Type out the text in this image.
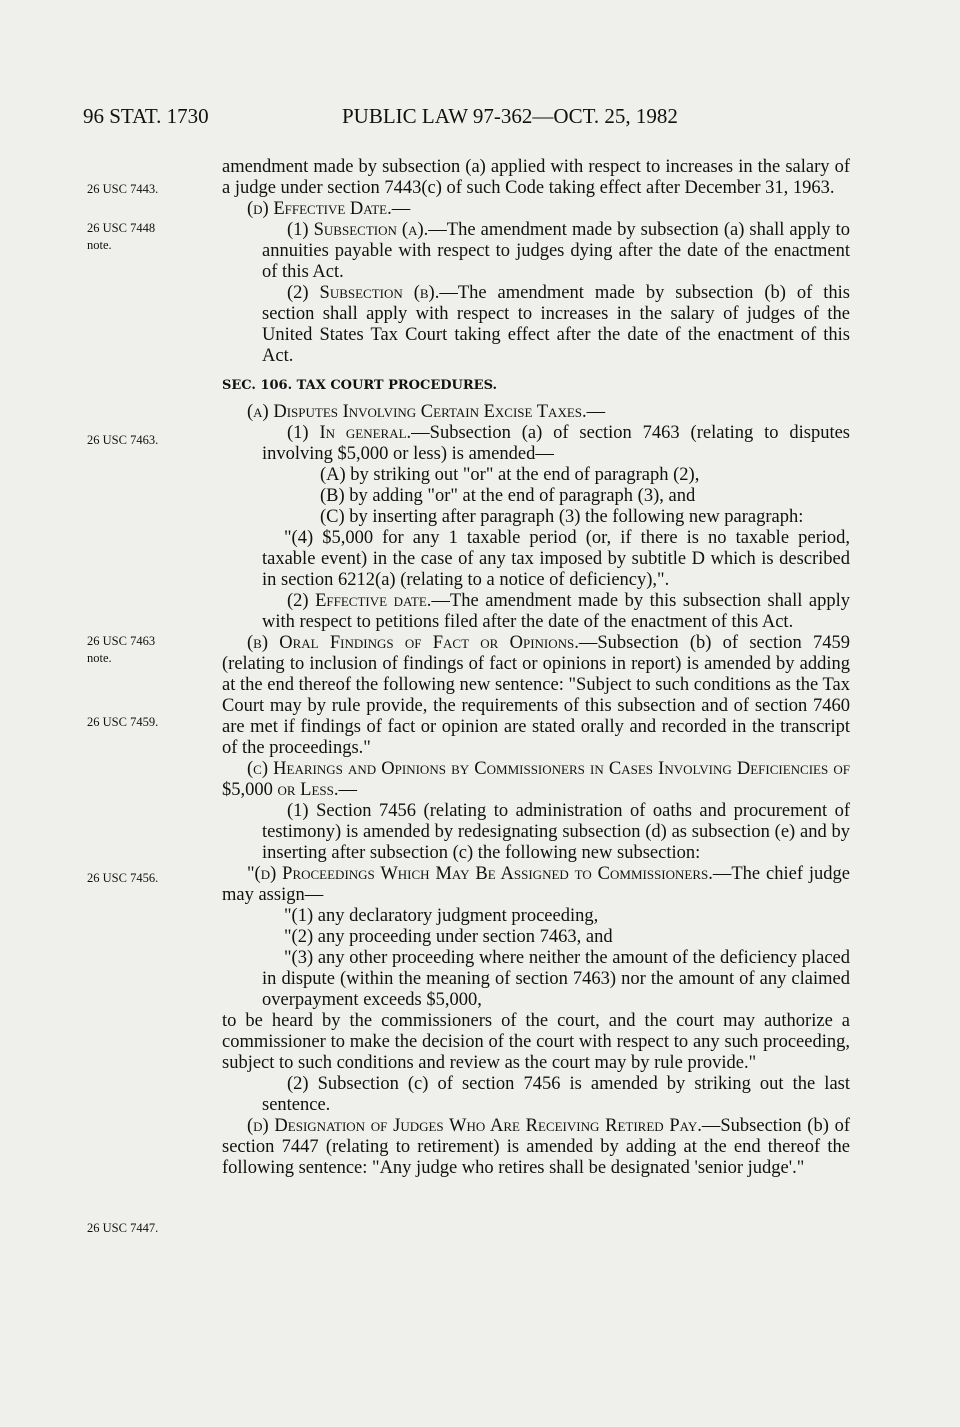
96 STAT. 1730	PUBLIC LAW 97-362—OCT. 25, 1982
26 USC 7443.
26 USC 7448
note.
26 USC 7463.
26 USC 7463
note.
26 USC 7459.
26 USC 7456.
26 USC 7447.

amendment made by subsection (a) applied with respect to increases in the salary of a judge under section 7443(c) of such Code taking effect after December 31, 1963.

(d) Effective Date.—

(1) Subsection (a).—The amendment made by subsection (a) shall apply to annuities payable with respect to judges dying after the date of the enactment of this Act.

(2) Subsection (b).—The amendment made by subsection (b) of this section shall apply with respect to increases in the salary of judges of the United States Tax Court taking effect after the date of the enactment of this Act.

SEC. 106. TAX COURT PROCEDURES.

(a) Disputes Involving Certain Excise Taxes.—

(1) In general.—Subsection (a) of section 7463 (relating to disputes involving $5,000 or less) is amended—

(A) by striking out "or" at the end of paragraph (2),

(B) by adding "or" at the end of paragraph (3), and

(C) by inserting after paragraph (3) the following new paragraph:

"(4) $5,000 for any 1 taxable period (or, if there is no taxable period, taxable event) in the case of any tax imposed by subtitle D which is described in section 6212(a) (relating to a notice of deficiency),".

(2) Effective date.—The amendment made by this subsection shall apply with respect to petitions filed after the date of the enactment of this Act.

(b) Oral Findings of Fact or Opinions.—Subsection (b) of section 7459 (relating to inclusion of findings of fact or opinions in report) is amended by adding at the end thereof the following new sentence: "Subject to such conditions as the Tax Court may by rule provide, the requirements of this subsection and of section 7460 are met if findings of fact or opinion are stated orally and recorded in the transcript of the proceedings."

(c) Hearings and Opinions by Commissioners in Cases Involving Deficiencies of $5,000 or Less.—

(1) Section 7456 (relating to administration of oaths and procurement of testimony) is amended by redesignating subsection (d) as subsection (e) and by inserting after subsection (c) the following new subsection:

"(d) Proceedings Which May Be Assigned to Commissioners.—The chief judge may assign—

"(1) any declaratory judgment proceeding,

"(2) any proceeding under section 7463, and

"(3) any other proceeding where neither the amount of the deficiency placed in dispute (within the meaning of section 7463) nor the amount of any claimed overpayment exceeds $5,000,

to be heard by the commissioners of the court, and the court may authorize a commissioner to make the decision of the court with respect to any such proceeding, subject to such conditions and review as the court may by rule provide."

(2) Subsection (c) of section 7456 is amended by striking out the last sentence.

(d) Designation of Judges Who Are Receiving Retired Pay.—Subsection (b) of section 7447 (relating to retirement) is amended by adding at the end thereof the following sentence: "Any judge who retires shall be designated 'senior judge'."
